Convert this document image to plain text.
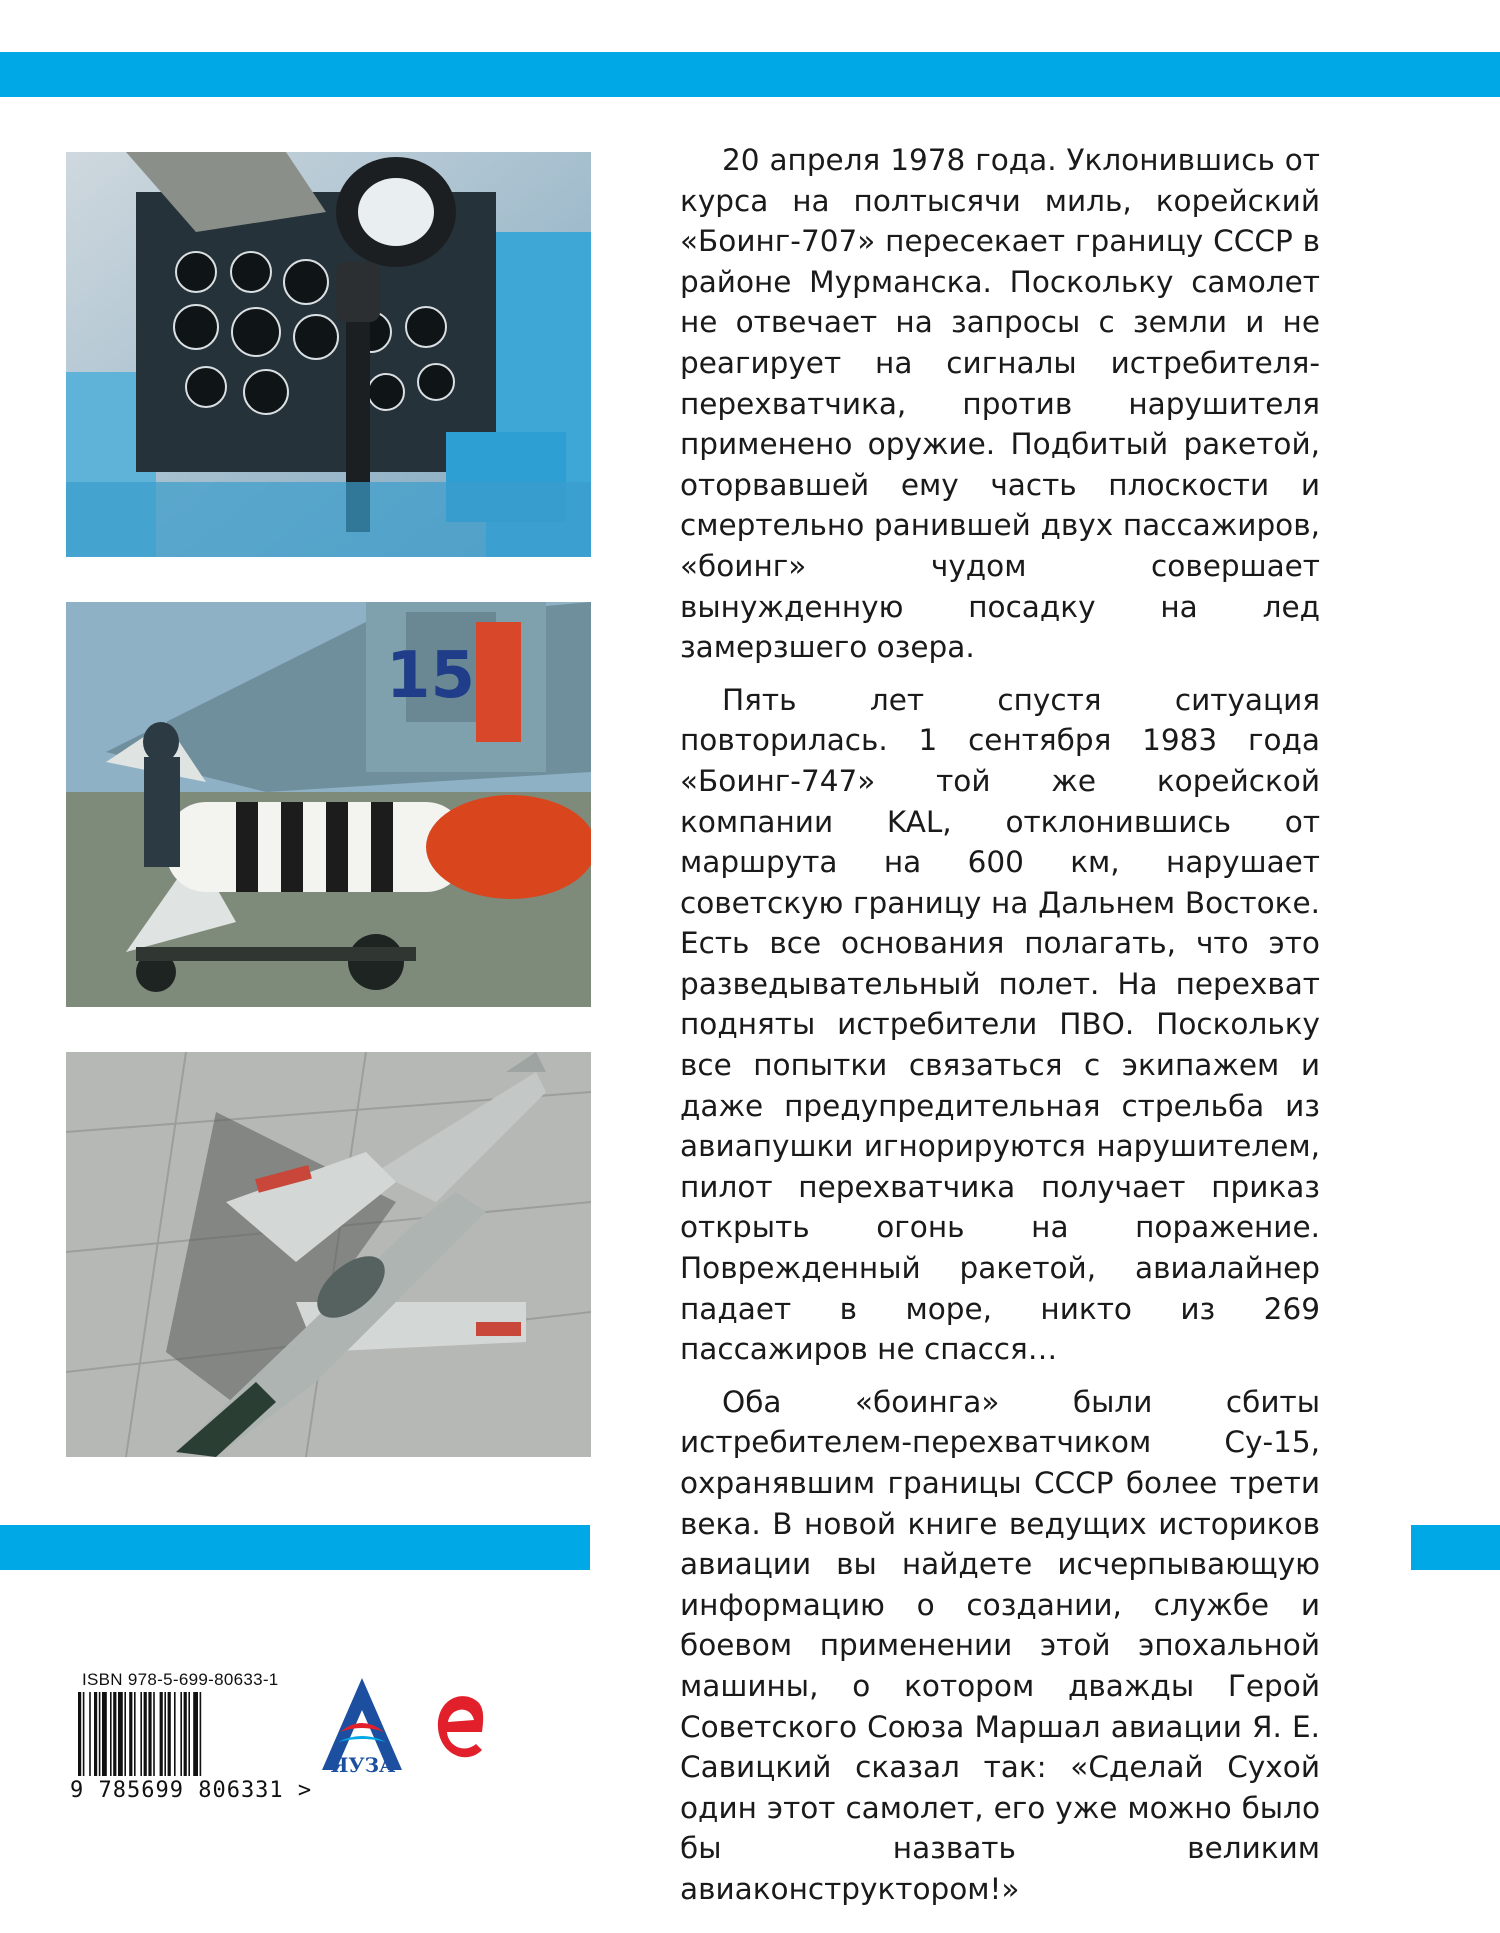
15

20 апреля 1978 года. Уклонившись от курса на полтысячи миль, корейский «Боинг-707» пересекает границу СССР в районе Мурманска. Поскольку самолет не отвечает на запросы с земли и не реагирует на сигналы истребителя-перехватчика, против нарушителя применено оружие. Подбитый ракетой, оторвавшей ему часть плоскости и смертельно ранившей двух пассажиров, «боинг» чудом совершает вынужденную посадку на лед замерзшего озера.

Пять лет спустя ситуация повторилась. 1 сентября 1983 года «Боинг-747» той же корейской компании KAL, отклонившись от маршрута на 600 км, нарушает советскую границу на Дальнем Востоке. Есть все основания полагать, что это разведывательный полет. На перехват подняты истребители ПВО. Поскольку все попытки связаться с экипажем и даже предупредительная стрельба из авиапушки игнорируются нарушителем, пилот перехватчика получает приказ открыть огонь на поражение. Поврежденный ракетой, авиалайнер падает в море, никто из 269 пассажиров не спасся…

Оба «боинга» были сбиты истребителем-перехватчиком Су-15, охранявшим границы СССР более трети века. В новой книге ведущих историков авиации вы найдете исчерпывающую информацию о создании, службе и боевом применении этой эпохальной машины, о котором дважды Герой Советского Союза Маршал авиации Я. Е. Савицкий сказал так: «Сделай Сухой один этот самолет, его уже можно было бы назвать великим авиаконструктором!»

ISBN 978-5-699-80633-1
9 785699 806331 >
ЯУЗА
